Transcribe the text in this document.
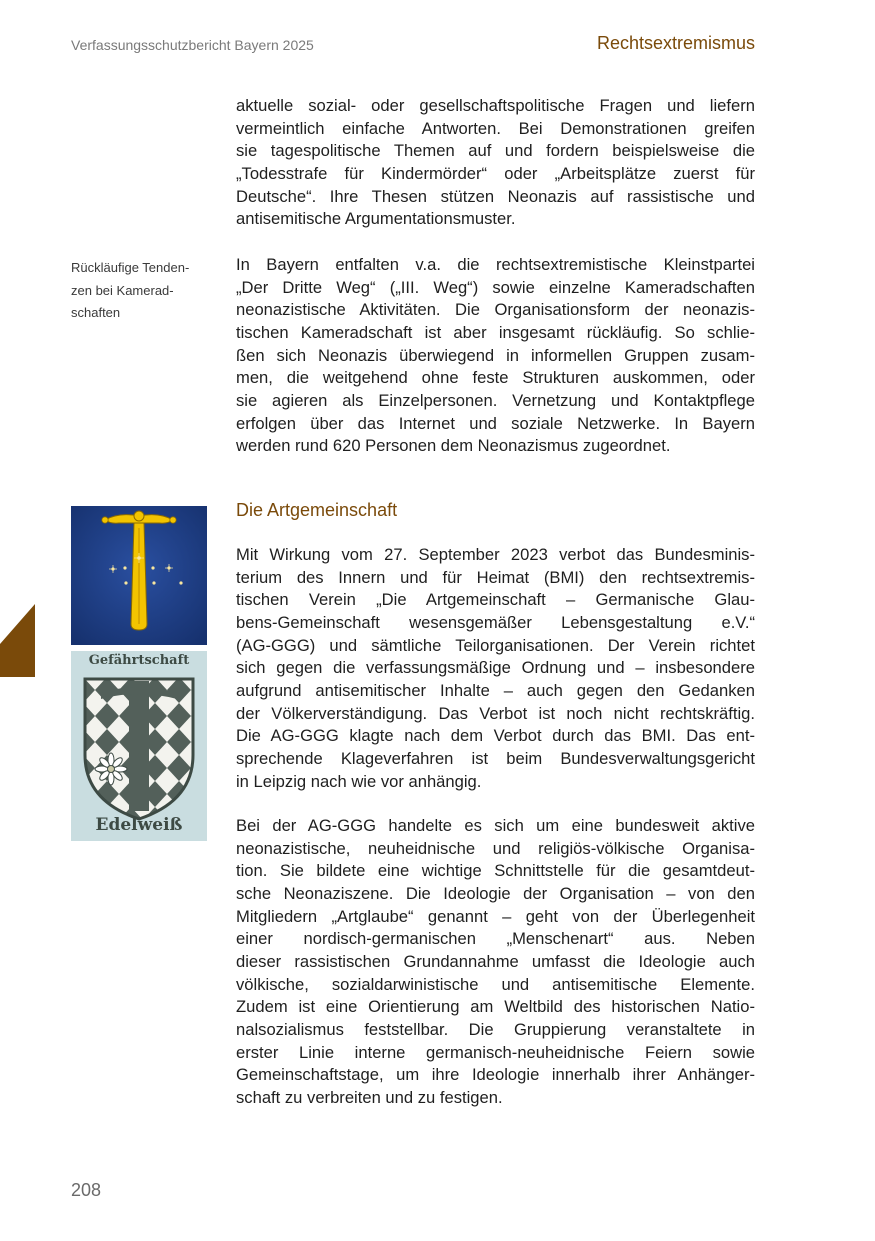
Verfassungsschutzbericht Bayern 2025	Rechtsextremismus
Rückläufige Tenden-
zen bei Kamerad-
schaften
aktuelle sozial- oder gesellschaftspolitische Fragen und liefern
vermeintlich einfache Antworten. Bei Demonstrationen greifen
sie tagespolitische Themen auf und fordern beispielsweise die
„Todesstrafe für Kindermörder“ oder „Arbeitsplätze zuerst für
Deutsche“. Ihre Thesen stützen Neonazis auf rassistische und
antisemitische Argumentationsmuster.
In Bayern entfalten v.a. die rechtsextremistische Kleinstpartei
„Der Dritte Weg“ („III. Weg“) sowie einzelne Kameradschaften
neonazistische Aktivitäten. Die Organisationsform der neonazis-
tischen Kameradschaft ist aber insgesamt rückläufig. So schlie-
ßen sich Neonazis überwiegend in informellen Gruppen zusam-
men, die weitgehend ohne feste Strukturen auskommen, oder
sie agieren als Einzelpersonen. Vernetzung und Kontaktpflege
erfolgen über das Internet und soziale Netzwerke. In Bayern
werden rund 620 Personen dem Neonazismus zugeordnet.
Gefährtschaft
Edelweiß
Die Artgemeinschaft
Mit Wirkung vom 27. September 2023 verbot das Bundesminis-
terium des Innern und für Heimat (BMI) den rechtsextremis-
tischen Verein „Die Artgemeinschaft – Germanische Glau-
bens-Gemeinschaft wesensgemäßer Lebensgestaltung e.V.“
(AG-GGG) und sämtliche Teilorganisationen. Der Verein richtet
sich gegen die verfassungsmäßige Ordnung und – insbesondere
aufgrund antisemitischer Inhalte – auch gegen den Gedanken
der Völkerverständigung. Das Verbot ist noch nicht rechtskräftig.
Die AG-GGG klagte nach dem Verbot durch das BMI. Das ent-
sprechende Klageverfahren ist beim Bundesverwaltungsgericht
in Leipzig nach wie vor anhängig.
Bei der AG-GGG handelte es sich um eine bundesweit aktive
neonazistische, neuheidnische und religiös-völkische Organisa-
tion. Sie bildete eine wichtige Schnittstelle für die gesamtdeut-
sche Neonaziszene. Die Ideologie der Organisation – von den
Mitgliedern „Artglaube“ genannt – geht von der Überlegenheit
einer nordisch-germanischen „Menschenart“ aus. Neben
dieser rassistischen Grundannahme umfasst die Ideologie auch
völkische, sozialdarwinistische und antisemitische Elemente.
Zudem ist eine Orientierung am Weltbild des historischen Natio-
nalsozialismus feststellbar. Die Gruppierung veranstaltete in
erster Linie interne germanisch-neuheidnische Feiern sowie
Gemeinschaftstage, um ihre Ideologie innerhalb ihrer Anhänger-
schaft zu verbreiten und zu festigen.
208
